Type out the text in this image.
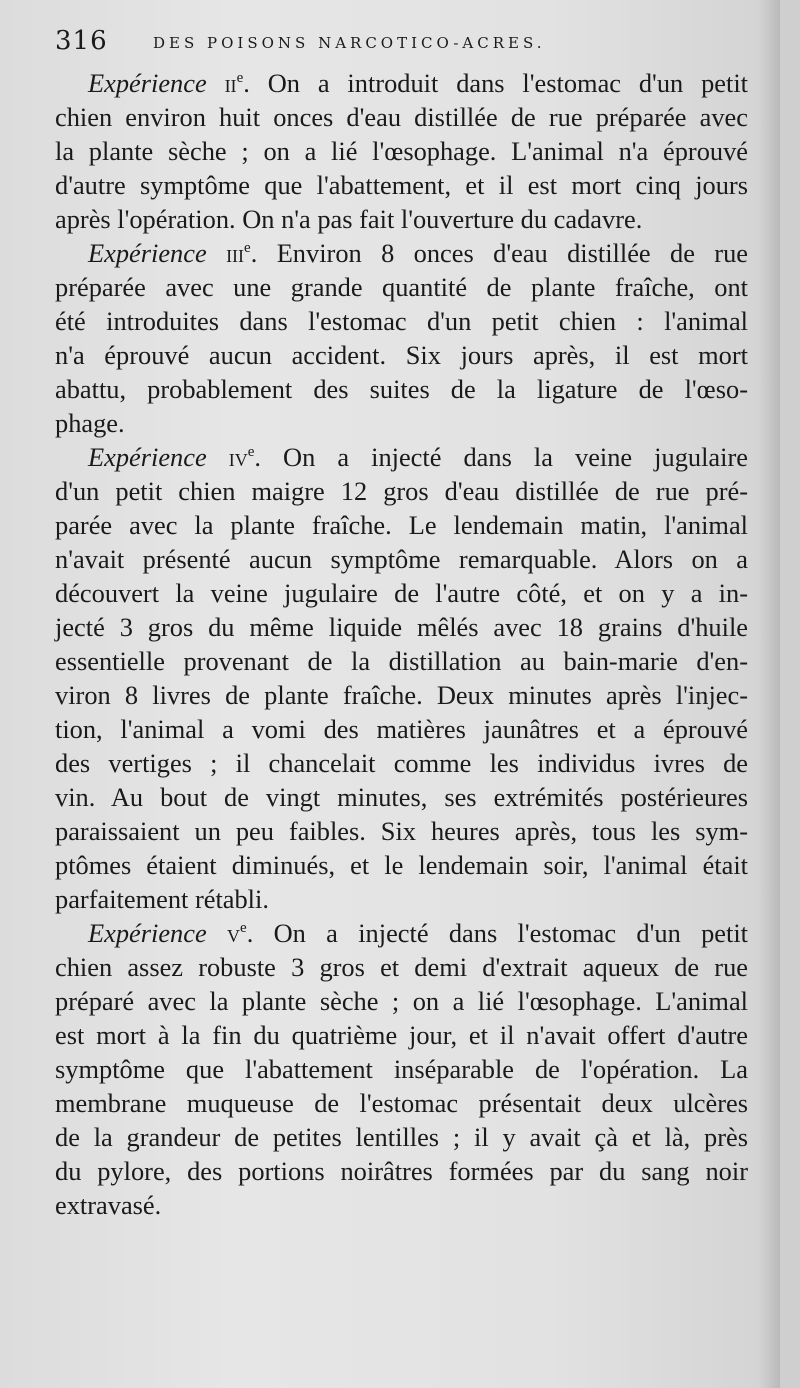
316	DES POISONS NARCOTICO-ACRES.
Expérience $ii^e$. On a introduit dans l'estomac d'un petit
chien environ huit onces d'eau distillée de rue préparée avec
la plante sèche ; on a lié l'œsophage. L'animal n'a éprouvé
d'autre symptôme que l'abattement, et il est mort cinq jours
après l'opération. On n'a pas fait l'ouverture du cadavre.
Expérience iii$^e$. Environ 8 onces d'eau distillée de rue
préparée avec une grande quantité de plante fraîche, ont
été introduites dans l'estomac d'un petit chien : l'animal
n'a éprouvé aucun accident. Six jours après, il est mort
abattu, probablement des suites de la ligature de l'œso-
phage.
Expérience $iv^e$. On a injecté dans la veine jugulaire
d'un petit chien maigre 12 gros d'eau distillée de rue pré-
parée avec la plante fraîche. Le lendemain matin, l'animal
n'avait présenté aucun symptôme remarquable. Alors on a
découvert la veine jugulaire de l'autre côté, et on y a in-
jecté 3 gros du même liquide mêlés avec 18 grains d'huile
essentielle provenant de la distillation au bain-marie d'en-
viron 8 livres de plante fraîche. Deux minutes après l'injec-
tion, l'animal a vomi des matières jaunâtres et a éprouvé
des vertiges ; il chancelait comme les individus ivres de
vin. Au bout de vingt minutes, ses extrémités postérieures
paraissaient un peu faibles. Six heures après, tous les sym-
ptômes étaient diminués, et le lendemain soir, l'animal était
parfaitement rétabli.
Expérience $v^e$. On a injecté dans l'estomac d'un petit
chien assez robuste 3 gros et demi d'extrait aqueux de rue
préparé avec la plante sèche ; on a lié l'œsophage. L'animal
est mort à la fin du quatrième jour, et il n'avait offert d'autre
symptôme que l'abattement inséparable de l'opération. La
membrane muqueuse de l'estomac présentait deux ulcères
de la grandeur de petites lentilles ; il y avait çà et là, près
du pylore, des portions noirâtres formées par du sang noir
extravasé.
